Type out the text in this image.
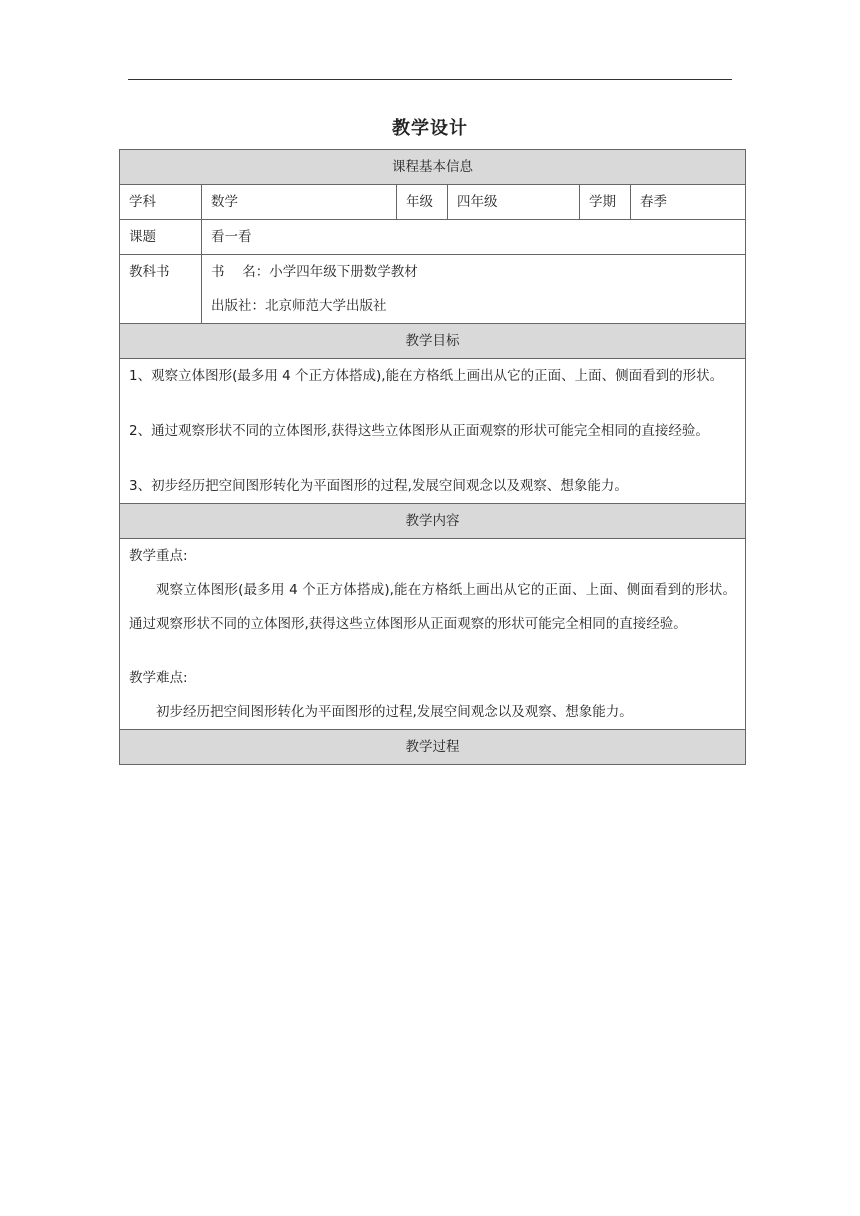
教学设计
课程基本信息					
学科	数学	年级	四年级	学期	春季
课题	看一看				
教科书	书　 名：小学四年级下册数学教材
出版社：北京师范大学出版社				

教学目标					

1、观察立体图形(最多用 4 个正方体搭成),能在方格纸上画出从它的正面、上面、侧面看到的形状。
2、通过观察形状不同的立体图形,获得这些立体图形从正面观察的形状可能完全相同的直接经验。
3、初步经历把空间图形转化为平面图形的过程,发展空间观念以及观察、想象能力。					

教学内容					

教学重点:
观察立体图形(最多用 4 个正方体搭成),能在方格纸上画出从它的正面、上面、侧面看到的形状。通过观察形状不同的立体图形,获得这些立体图形从正面观察的形状可能完全相同的直接经验。
教学难点:
初步经历把空间图形转化为平面图形的过程,发展空间观念以及观察、想象能力。					

教学过程					
